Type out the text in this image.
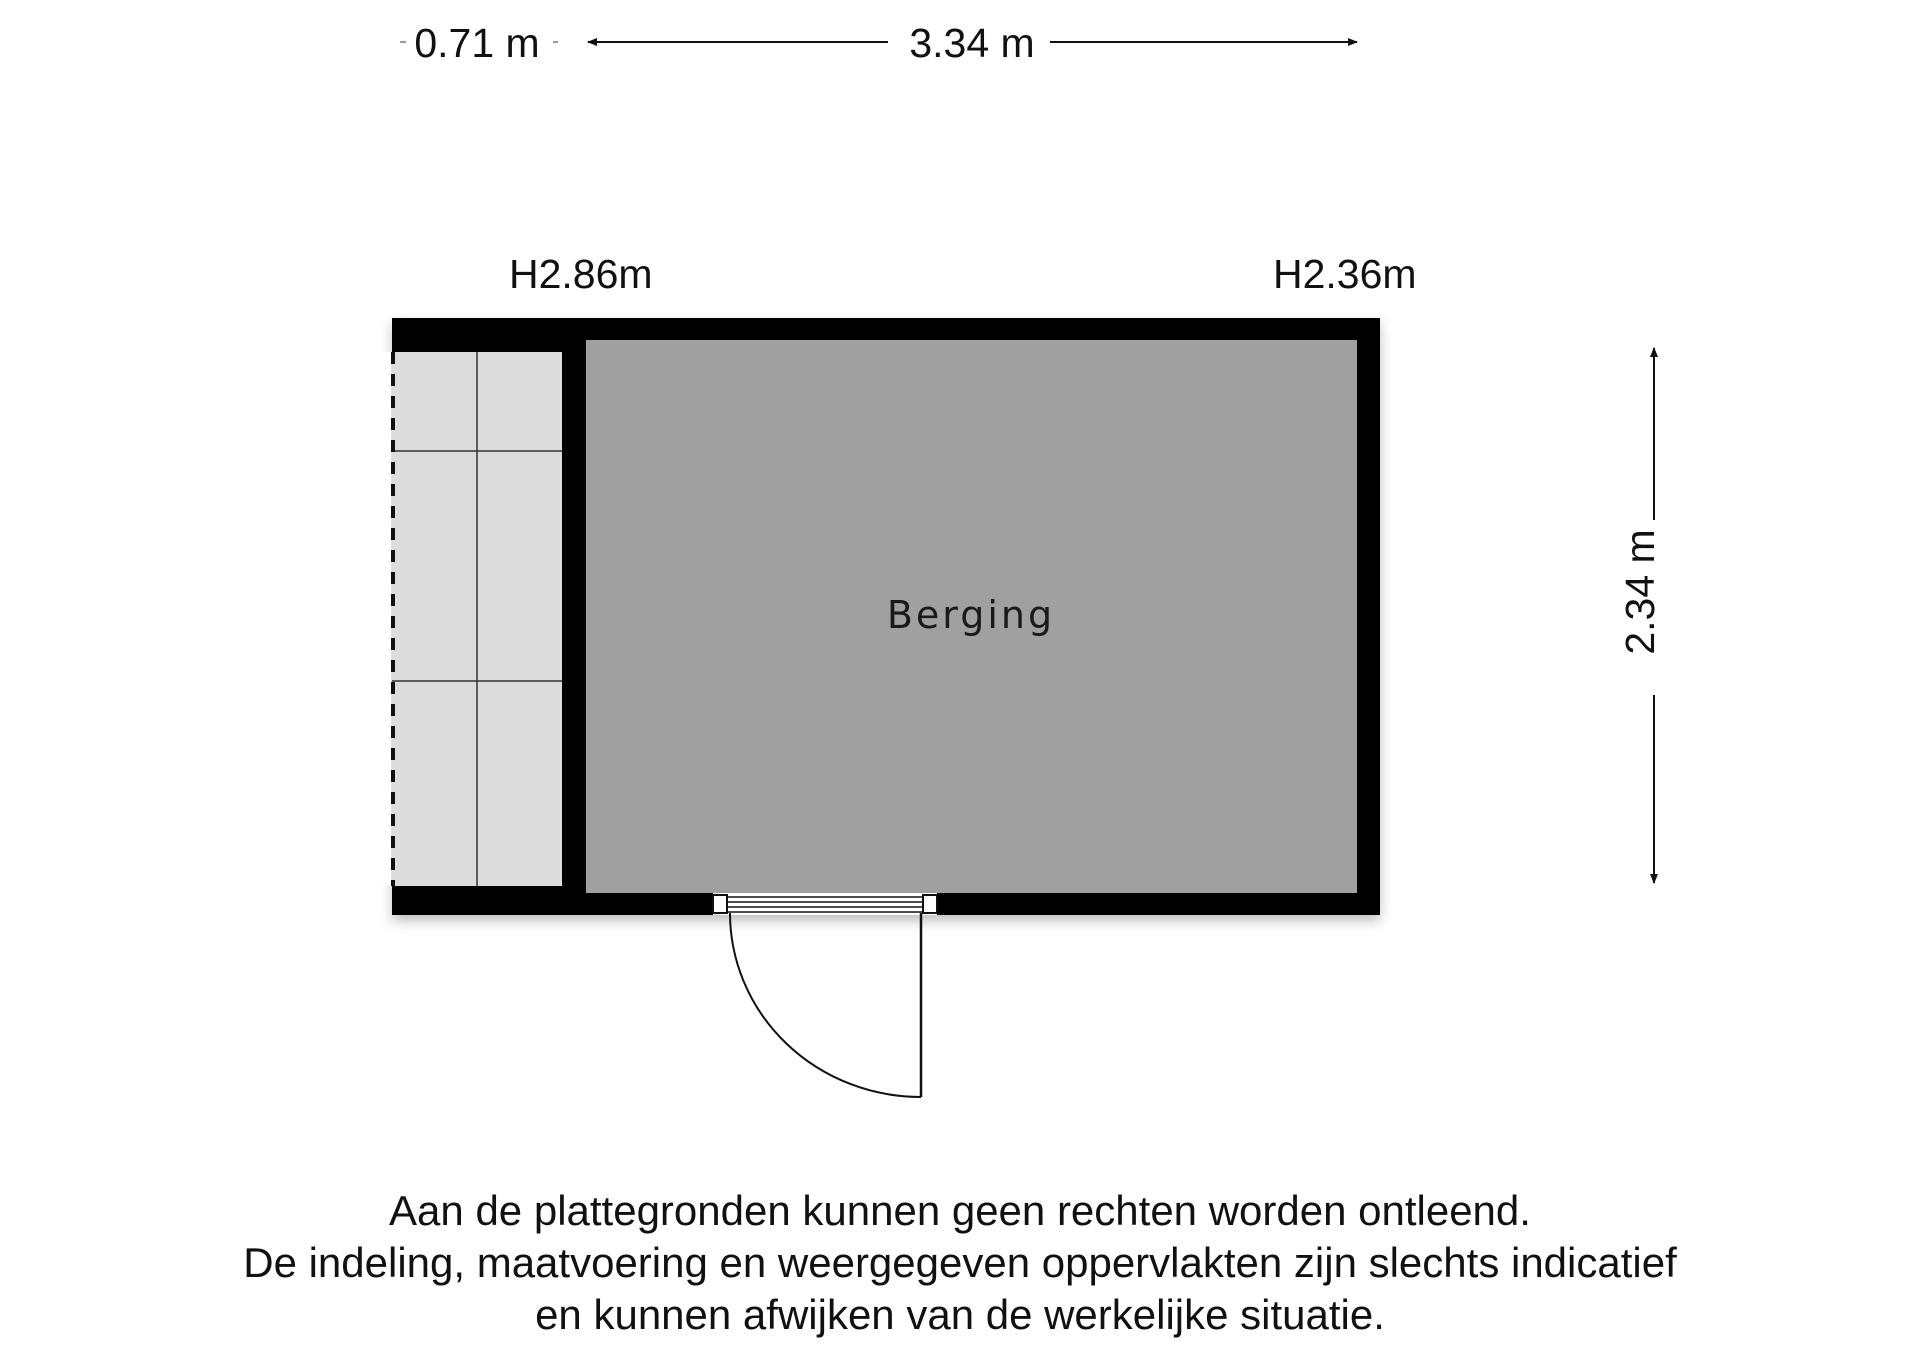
0.71 m	3.34 m
H2.86m	H2.36m
Berging	2.34 m
Aan de plattegronden kunnen geen rechten worden ontleend.
De indeling, maatvoering en weergegeven oppervlakten zijn slechts indicatief
en kunnen afwijken van de werkelijke situatie.
